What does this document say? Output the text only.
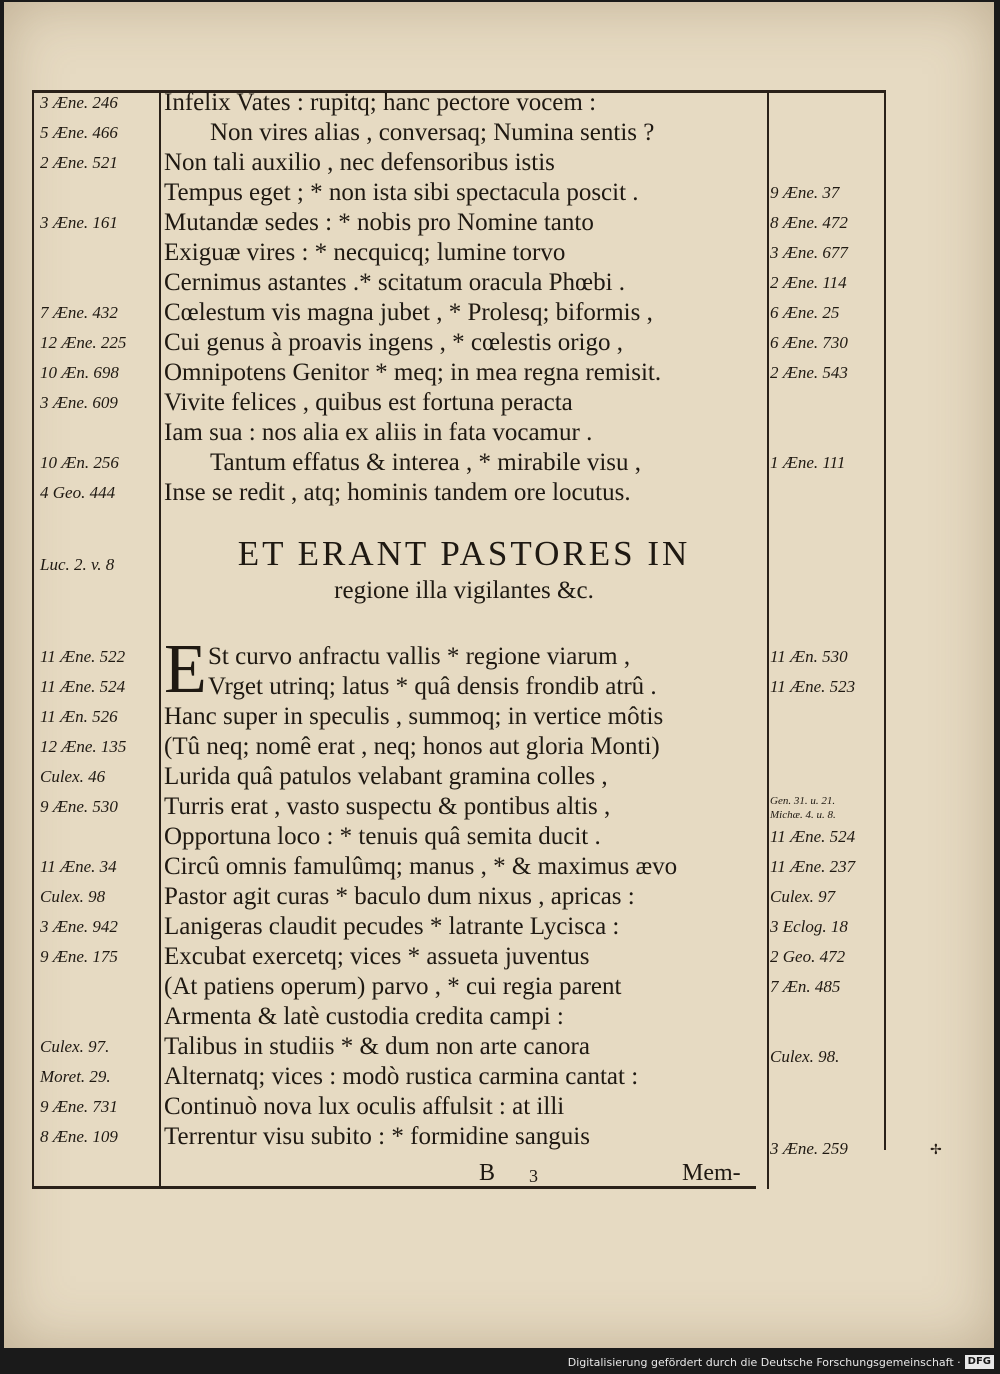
Infelix Vates : rupitq; hanc pectore vocem :
Non vires alias , conversaq; Numina sentis ?
Non tali auxilio , nec defensoribus istis
Tempus eget ; * non ista sibi spectacula poscit .
Mutandæ sedes : * nobis pro Nomine tanto
Exiguæ vires : * necquicq; lumine torvo
Cernimus astantes .* scitatum oracula Phœbi .
Cœlestum vis magna jubet , * Prolesq; biformis ,
Cui genus à proavis ingens , * cœlestis origo ,
Omnipotens Genitor * meq; in mea regna remisit.
Vivite felices , quibus est fortuna peracta
Iam sua : nos alia ex aliis in fata vocamur .
Tantum effatus & interea , * mirabile visu ,
Inse se redit , atq; hominis tandem ore locutus.
3 Æne. 246
5 Æne. 466
2 Æne. 521

3 Æne. 161

7 Æne. 432
12 Æne. 225
10 Æn. 698
3 Æne. 609

10 Æn. 256
4 Geo. 444

9 Æne. 37
8 Æne. 472
3 Æne. 677
2 Æne. 114
6 Æne. 25
6 Æne. 730
2 Æne. 543

1 Æne. 111

Luc. 2. v. 8	ET ERANT PASTORES IN
regione illa vigilantes &c.
E St curvo anfractu vallis * regione viarum ,
Vrget utrinq; latus * quâ densis frondib atrû .
Hanc super in speculis , summoq; in vertice môtis
(Tû neq; nomê erat , neq; honos aut gloria Monti)
Lurida quâ patulos velabant gramina colles ,
Turris erat , vasto suspectu & pontibus altis ,
Opportuna loco : * tenuis quâ semita ducit .
Circû omnis famulûmq; manus , * & maximus ævo
Pastor agit curas * baculo dum nixus , apricas :
Lanigeras claudit pecudes * latrante Lycisca :
Excubat exercetq; vices * assueta juventus
(At patiens operum) parvo , * cui regia parent
Armenta & latè custodia credita campi :
Talibus in studiis * & dum non arte canora
Alternatq; vices : modò rustica carmina cantat :
Continuò nova lux oculis affulsit : at illi
Terrentur visu subito : * formidine sanguis
11 Æne. 522
11 Æne. 524
11 Æn. 526
12 Æne. 135
Culex. 46
9 Æne. 530

11 Æne. 34
Culex. 98
3 Æne. 942
9 Æne. 175

Culex. 97.
Moret. 29.
9 Æne. 731
8 Æne. 109
11 Æn. 530
11 Æne. 523
Gen. 31. u. 21.
Michæ. 4. u. 8.
11 Æne. 524
11 Æne. 237
Culex. 97
3 Eclog. 18
2 Geo. 472
7 Æn. 485
Culex. 98.
3 Æne. 259
B 3	Mem-
✢
Digitalisierung gefördert durch die Deutsche Forschungsgemeinschaft · DFG
